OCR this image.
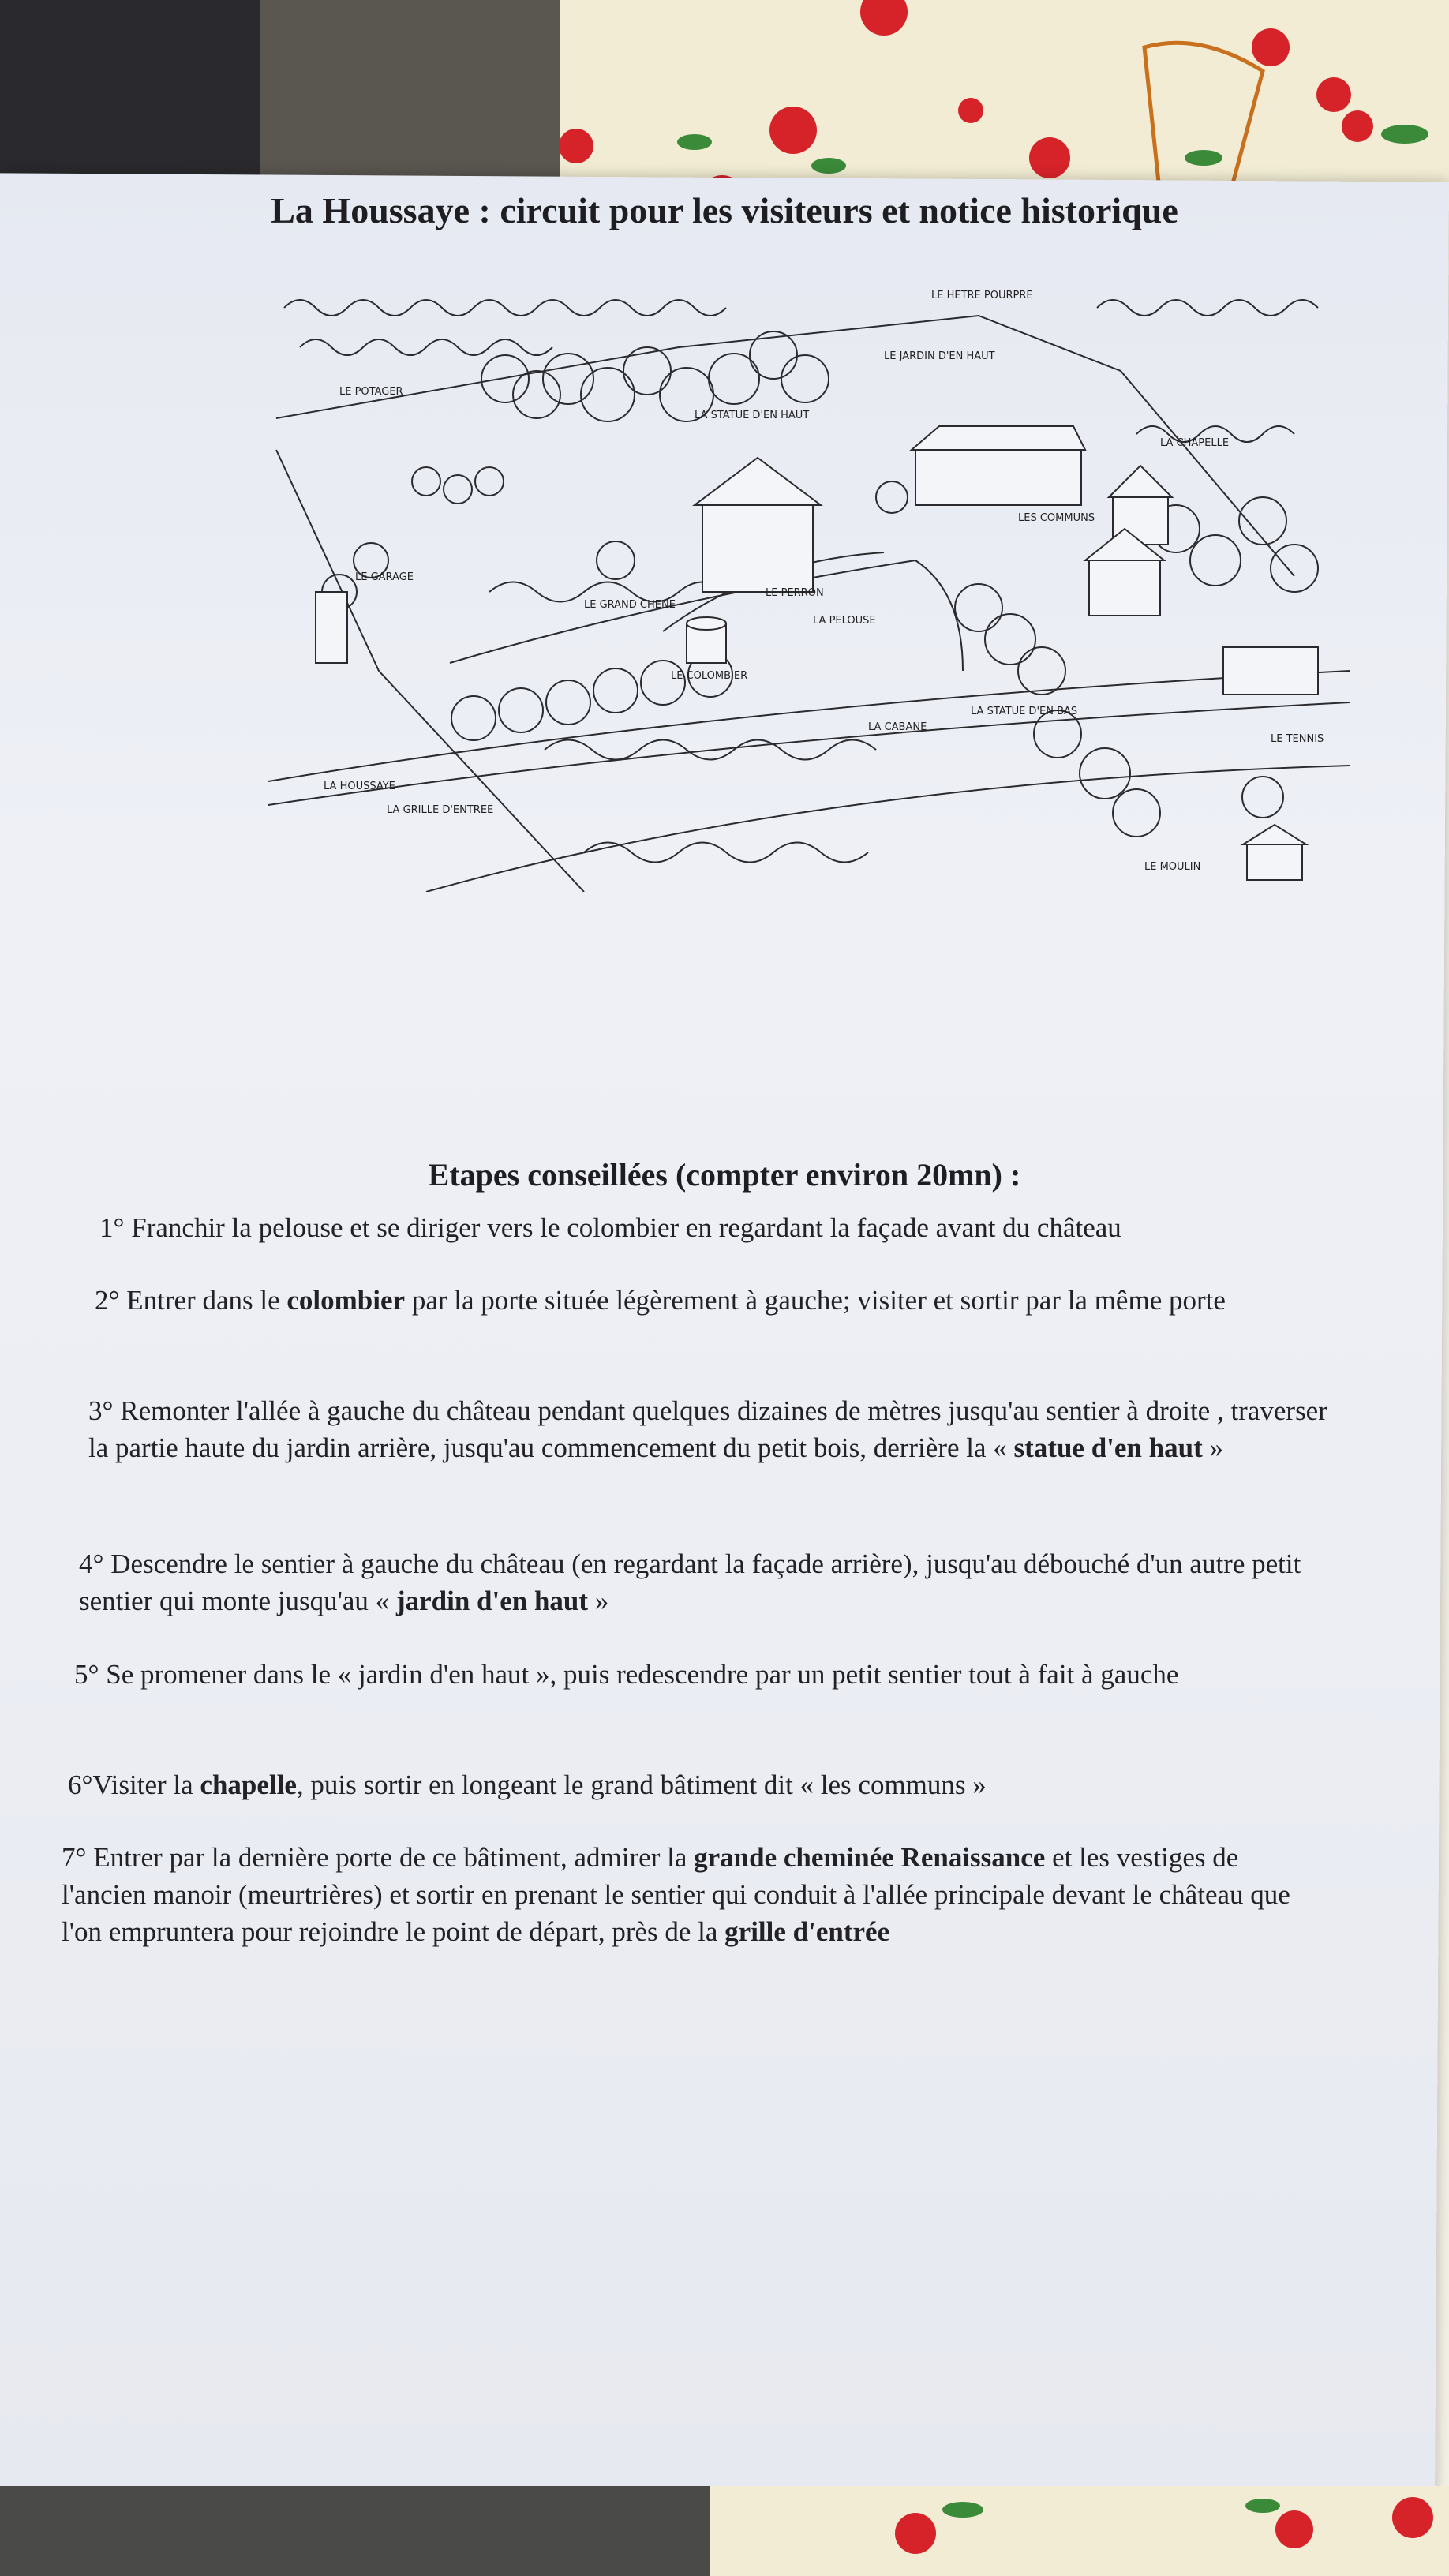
La Houssaye : circuit pour les visiteurs et notice historique
LE HETRE POURPRE
LE JARDIN D'EN HAUT
LE POTAGER
LA STATUE D'EN HAUT
LA CHAPELLE
LES COMMUNS
LE GARAGE
LE GRAND CHENE
LE PERRON
LE COLOMBIER
LA PELOUSE
LA STATUE D'EN BAS
LA CABANE
LE TENNIS
LA HOUSSAYE
LA GRILLE D'ENTREE
LE MOULIN
Etapes conseillées (compter environ 20mn) :

1° Franchir la pelouse et se diriger vers le colombier en regardant la façade avant du château

2° Entrer dans le colombier par la porte située légèrement à gauche; visiter et sortir par la même porte

3° Remonter l'allée à gauche du château pendant quelques dizaines de mètres jusqu'au sentier à droite , traverser la partie haute du jardin arrière, jusqu'au commencement du petit bois, derrière la « statue d'en haut »

4° Descendre le sentier à gauche du château (en regardant la façade arrière), jusqu'au débouché d'un autre petit sentier qui monte jusqu'au « jardin d'en haut »

5° Se promener dans le « jardin d'en haut », puis redescendre par un petit sentier tout à fait à gauche

6°Visiter la chapelle, puis sortir en longeant le grand bâtiment dit « les communs »

7° Entrer par la dernière porte de ce bâtiment, admirer la grande cheminée Renaissance et les vestiges de l'ancien manoir (meurtrières) et sortir en prenant le sentier qui conduit à l'allée principale devant le château que l'on empruntera pour rejoindre le point de départ, près de la grille d'entrée
